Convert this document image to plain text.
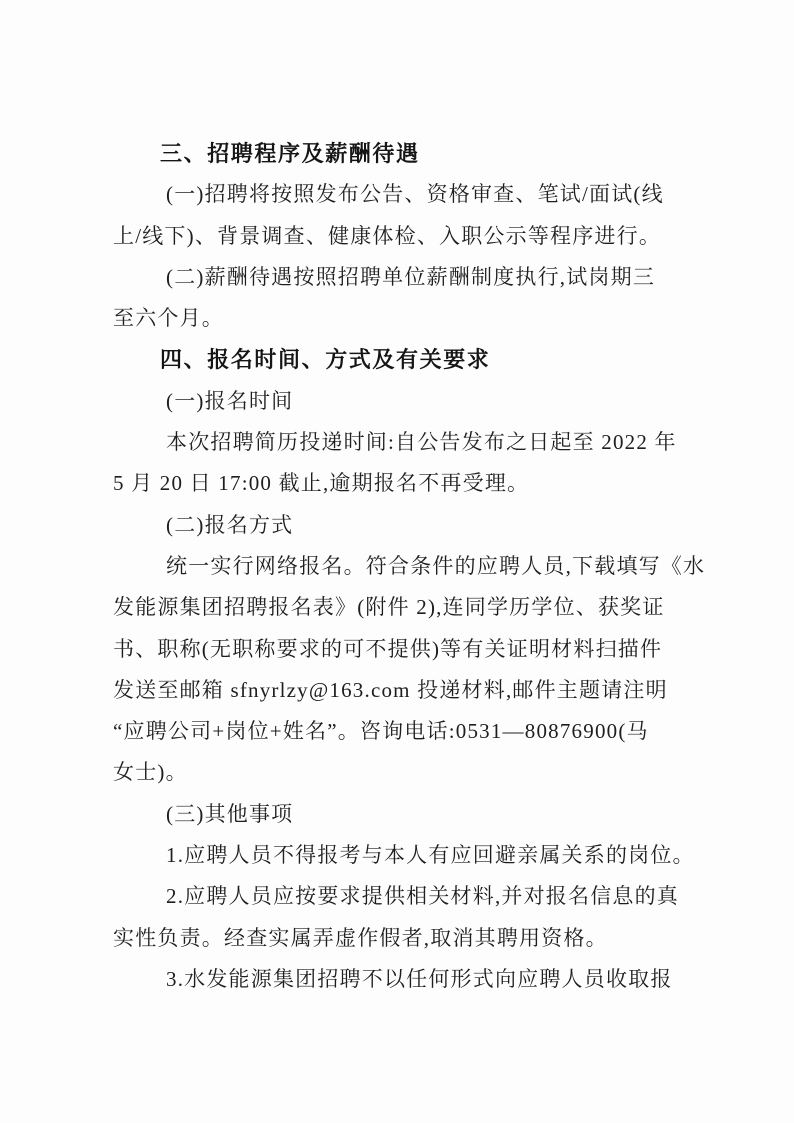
三、招聘程序及薪酬待遇
(一)招聘将按照发布公告、资格审查、笔试/面试(线
上/线下)、背景调查、健康体检、入职公示等程序进行。
(二)薪酬待遇按照招聘单位薪酬制度执行,试岗期三
至六个月。
四、报名时间、方式及有关要求
(一)报名时间
本次招聘简历投递时间:自公告发布之日起至 2022 年
5 月 20 日 17:00 截止,逾期报名不再受理。
(二)报名方式
统一实行网络报名。符合条件的应聘人员,下载填写《水
发能源集团招聘报名表》(附件 2),连同学历学位、获奖证
书、职称(无职称要求的可不提供)等有关证明材料扫描件
发送至邮箱 sfnyrlzy@163.com 投递材料,邮件主题请注明
“应聘公司+岗位+姓名”。咨询电话:0531—80876900(马
女士)。
(三)其他事项
1.应聘人员不得报考与本人有应回避亲属关系的岗位。
2.应聘人员应按要求提供相关材料,并对报名信息的真
实性负责。经查实属弄虚作假者,取消其聘用资格。
3.水发能源集团招聘不以任何形式向应聘人员收取报
